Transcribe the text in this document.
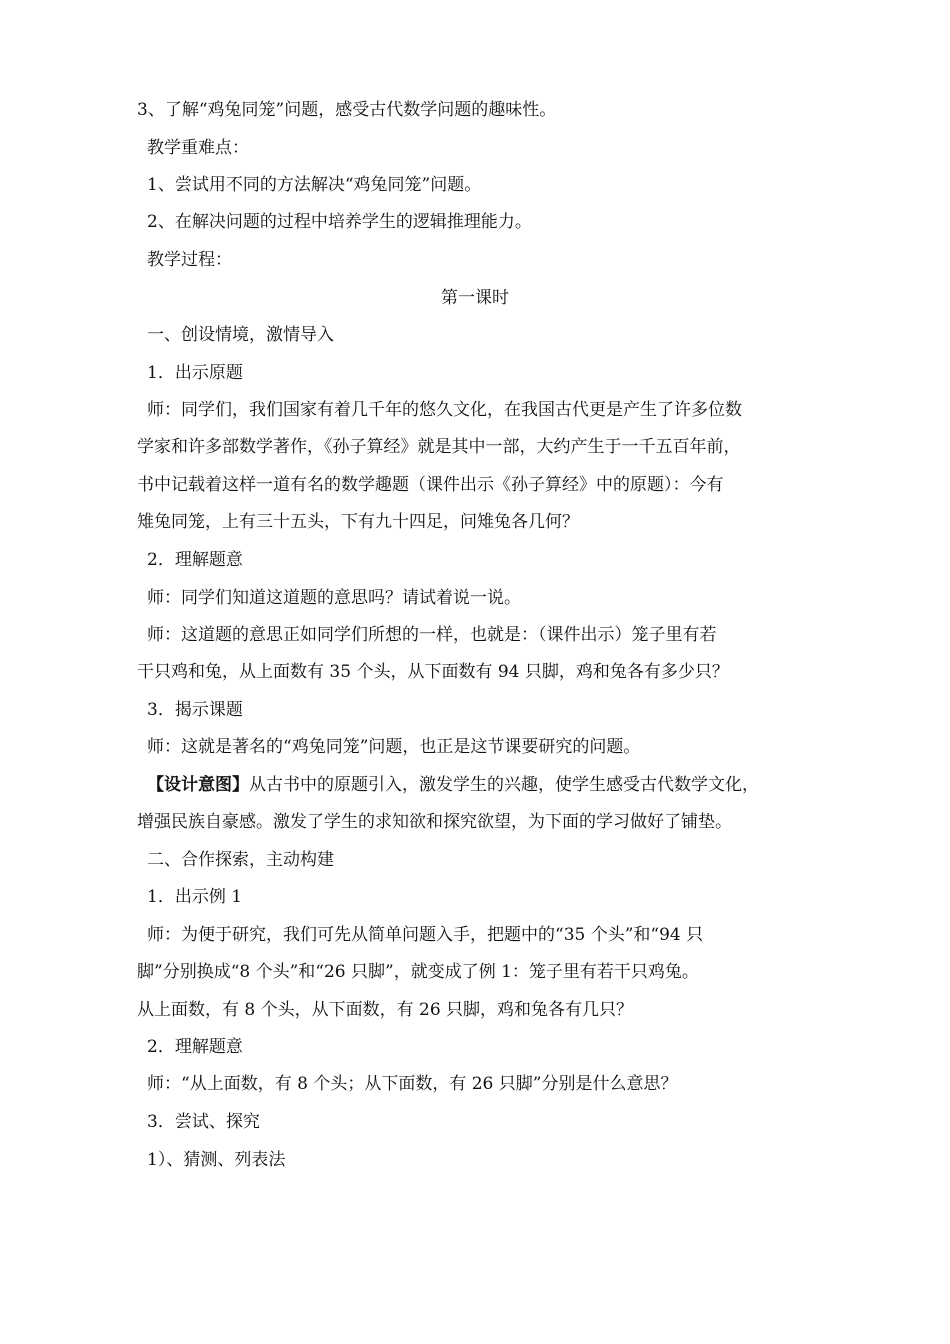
3、了解“鸡兔同笼”问题，感受古代数学问题的趣味性。
教学重难点：
1、尝试用不同的方法解决“鸡兔同笼”问题。
2、在解决问题的过程中培养学生的逻辑推理能力。
教学过程：
第一课时
一、创设情境，激情导入
1．出示原题
师：同学们，我们国家有着几千年的悠久文化，在我国古代更是产生了许多位数
学家和许多部数学著作，《孙子算经》就是其中一部，大约产生于一千五百年前，
书中记载着这样一道有名的数学趣题（课件出示《孙子算经》中的原题）：今有
雉兔同笼，上有三十五头，下有九十四足，问雉兔各几何？
2．理解题意
师：同学们知道这道题的意思吗？请试着说一说。
师：这道题的意思正如同学们所想的一样，也就是：（课件出示）笼子里有若
干只鸡和兔，从上面数有 35 个头，从下面数有 94 只脚，鸡和兔各有多少只？
3．揭示课题
师：这就是著名的“鸡兔同笼”问题，也正是这节课要研究的问题。
【设计意图】从古书中的原题引入，激发学生的兴趣，使学生感受古代数学文化，
增强民族自豪感。激发了学生的求知欲和探究欲望，为下面的学习做好了铺垫。
二、合作探索，主动构建
1．出示例 1
师：为便于研究，我们可先从简单问题入手，把题中的“35 个头”和“94 只
脚”分别换成“8 个头”和“26 只脚”，就变成了例 1：笼子里有若干只鸡兔。
从上面数，有 8 个头，从下面数，有 26 只脚，鸡和兔各有几只？
2．理解题意
师：“从上面数，有 8 个头；从下面数，有 26 只脚”分别是什么意思？
3．尝试、探究
1）、猜测、列表法
